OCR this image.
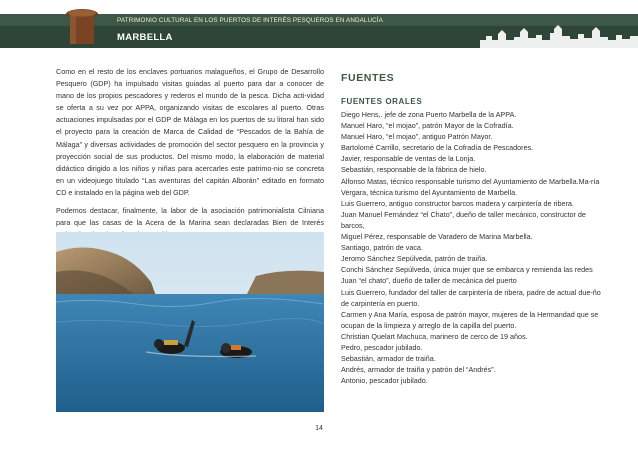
PATRIMONIO CULTURAL EN LOS PUERTOS DE INTERÉS PESQUEROS EN ANDALUCÍA
MARBELLA

Como en el resto de los enclaves portuarios malagueños, el Grupo de Desarrollo Pesquero (GDP) ha impulsado visitas guiadas al puerto para dar a conocer de mano de los propios pescadores y rederos el mundo de la pesca. Dicha acti-vidad se oferta a su vez por APPA, organizando visitas de escolares al puerto. Otras actuaciones impulsadas por el GDP de Málaga en los puertos de su litoral han sido el proyecto para la creación de Marca de Calidad de “Pescados de la Bahía de Málaga” y diversas actividades de promoción del sector pesquero en la provincia y proyección social de sus productos. Del mismo modo, la elaboración de material didáctico dirigido a los niños y niñas para acercarles este patrimo-nio se concreta en un videojuego titulado “Las aventuras del capitán Alborán” editado en formato CD e instalado en la página web del GDP.

Podemos destacar, finalmente, la labor de la asociación patrimonialista Cilniana para que las casas de la Acera de la Marina sean declaradas Bien de Interés

FUENTES
FUENTES ORALES
Diego Hens,. jefe de zona Puerto Marbella de la APPA.
Manuel Haro, “el mojao”, patrón Mayor de la Cofradía.
Manuel Haro, “el mojao”, antiguo Patrón Mayor.
Bartolomé Carrillo, secretario de la Cofradía de Pescadores.
Javier, responsable de ventas de la Lonja.
Sebastián, responsable de la fábrica de hielo.
Alfonso Matas, técnico responsable turismo del Ayuntamiento de Marbella.Ma-ría Vergara, técnica turismo del Ayuntamiento de Marbella.
Luis Guerrero, antiguo constructor barcos madera y carpintería de ribera.
Juan Manuel Fernández “el Chato”, dueño de taller mecánico, constructor de barcos,
Miguel Pérez, responsable de Varadero de Marina Marbella.
Santiago, patrón de vaca.
Jeromo Sánchez Sepúlveda, patrón de traiña.
Conchi Sánchez Sepúlveda, única mujer que se embarca y remienda las redes
Juan “el chato”, dueño de taller de mecánica del puerto
Luis Guerrero, fundador del taller de carpintería de ribera, padre de actual due-ño de carpintería en puerto.
Carmen y Ana María, esposa de patrón mayor, mujeres de la Hermandad que se ocupan de la limpieza y arreglo de la capilla del puerto.
Christian Quelart Machuca, marinero de cerco de 19 años.
Pedro, pescador jubilado.
Sebastián, armador de traiña.
Andrés, armador de traiña y patrón del “Andrés”.
Antonio, pescador jubilado.
14
